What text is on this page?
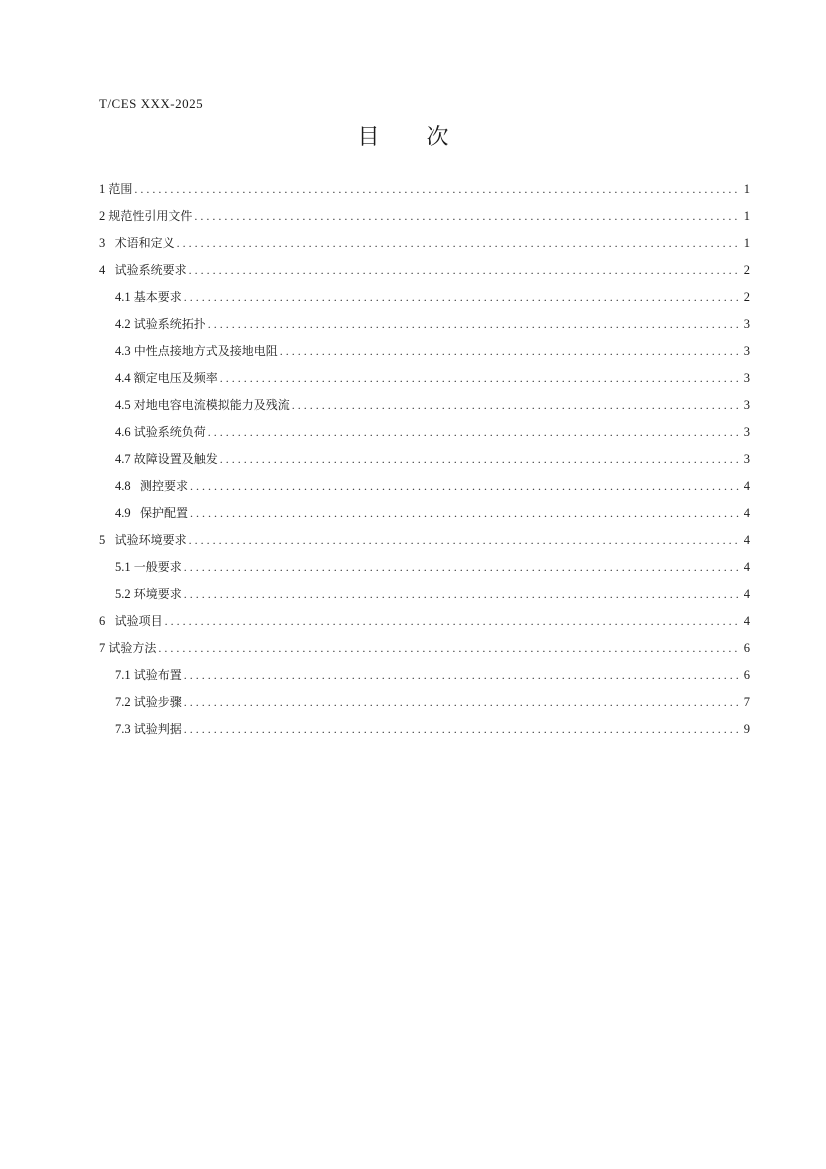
T/CES XXX-2025
目 次
1 范围 .....	1
2 规范性引用文件 .....	1
3 术语和定义 .....	1
4 试验系统要求 .....	2
4.1 基本要求 .....	2
4.2 试验系统拓扑 .....	3
4.3 中性点接地方式及接地电阻 .....	3
4.4 额定电压及频率 .....	3
4.5 对地电容电流模拟能力及残流 .....	3
4.6 试验系统负荷 .....	3
4.7 故障设置及触发 .....	3
4.8 测控要求 .....	4
4.9 保护配置 .....	4
5 试验环境要求 .....	4
5.1 一般要求 .....	4
5.2 环境要求 .....	4
6 试验项目 .....	4
7 试验方法 .....	6
7.1 试验布置 .....	6
7.2 试验步骤 .....	7
7.3 试验判据 .....	9
